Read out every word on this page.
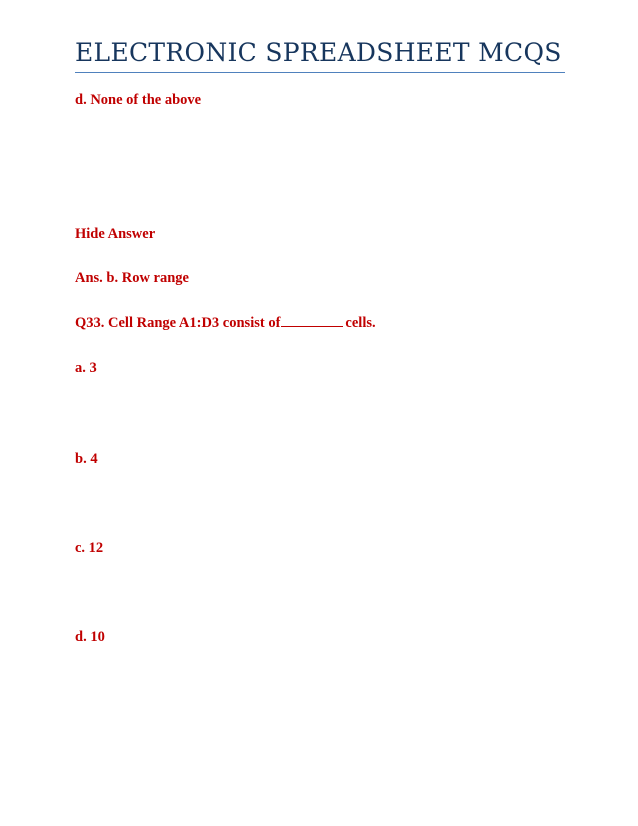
ELECTRONIC SPREADSHEET MCQS
d. None of the above
Hide Answer
Ans. b. Row range
Q33. Cell Range A1:D3 consist of	cells.
a. 3
b. 4
c. 12
d. 10
